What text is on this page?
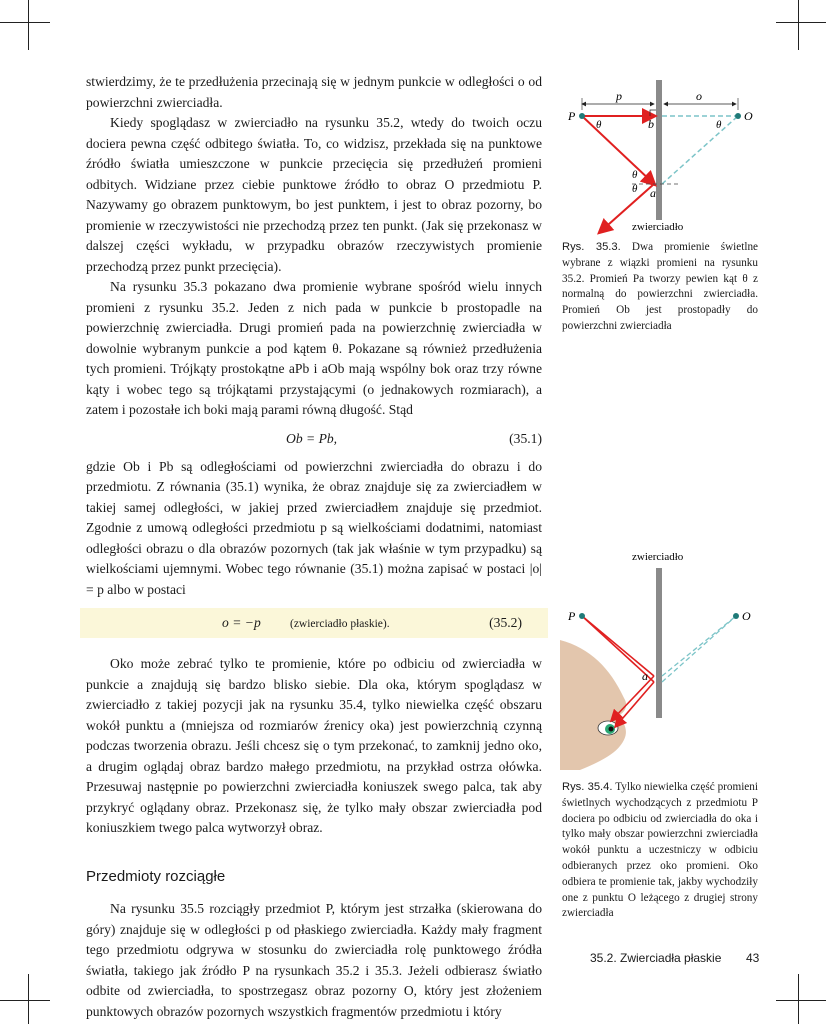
stwierdzimy, że te przedłużenia przecinają się w jednym punkcie w odległości o od powierzchni zwierciadła.

Kiedy spoglądasz w zwierciadło na rysunku 35.2, wtedy do twoich oczu dociera pewna część odbitego światła. To, co widzisz, przekłada się na punktowe źródło światła umieszczone w punkcie przecięcia się przedłużeń promieni odbitych. Widziane przez ciebie punktowe źródło to obraz O przedmiotu P. Nazywamy go obrazem punktowym, bo jest punktem, i jest to obraz pozorny, bo promienie w rzeczywistości nie przechodzą przez ten punkt. (Jak się przekonasz w dalszej części wykładu, w przypadku obrazów rzeczywistych promienie przechodzą przez punkt przecięcia).

Na rysunku 35.3 pokazano dwa promienie wybrane spośród wielu innych promieni z rysunku 35.2. Jeden z nich pada w punkcie b prostopadle na powierzchnię zwierciadła. Drugi promień pada na powierzchnię zwierciadła w dowolnie wybranym punkcie a pod kątem θ. Pokazane są również przedłużenia tych promieni. Trójkąty prostokątne aPb i aOb mają wspólny bok oraz trzy równe kąty i wobec tego są trójkątami przystającymi (o jednakowych rozmiarach), a zatem i pozostałe ich boki mają parami równą długość. Stąd

Ob = Pb,	(35.1)

gdzie Ob i Pb są odległościami od powierzchni zwierciadła do obrazu i do przedmiotu. Z równania (35.1) wynika, że obraz znajduje się za zwierciadłem w takiej samej odległości, w jakiej przed zwierciadłem znajduje się przedmiot. Zgodnie z umową odległości przedmiotu p są wielkościami dodatnimi, natomiast odległości obrazu o dla obrazów pozornych (tak jak właśnie w tym przypadku) są wielkościami ujemnymi. Wobec tego równanie (35.1) można zapisać w postaci |o| = p albo w postaci

o = −p	(zwierciadło płaskie).	(35.2)

Oko może zebrać tylko te promienie, które po odbiciu od zwierciadła w punkcie a znajdują się bardzo blisko siebie. Dla oka, którym spoglądasz w zwierciadło z takiej pozycji jak na rysunku 35.4, tylko niewielka część obszaru wokół punktu a (mniejsza od rozmiarów źrenicy oka) jest powierzchnią czynną podczas tworzenia obrazu. Jeśli chcesz się o tym przekonać, to zamknij jedno oko, a drugim oglądaj obraz bardzo małego przedmiotu, na przykład ostrza ołówka. Przesuwaj następnie po powierzchni zwierciadła koniuszek swego palca, tak aby przykryć oglądany obraz. Przekonasz się, że tylko mały obszar zwierciadła pod koniuszkiem twego palca wytworzył obraz.

Przedmioty rozciągłe

Na rysunku 35.5 rozciągły przedmiot P, którym jest strzałka (skierowana do góry) znajduje się w odległości p od płaskiego zwierciadła. Każdy mały fragment tego przedmiotu odgrywa w stosunku do zwierciadła rolę punktowego źródła światła, takiego jak źródło P na rysunkach 35.2 i 35.3. Jeżeli odbierasz światło odbite od zwierciadła, to spostrzegasz obraz pozorny O, który jest złożeniem punktowych obrazów pozornych wszystkich fragmentów przedmiotu i który

p	o
P	O
b
a
θ	θ
θ
θ
zwierciadło
Rys. 35.3. Dwa promienie świetlne wybrane z wiązki promieni na rysunku 35.2. Promień Pa tworzy pewien kąt θ z normalną do powierzchni zwierciadła. Promień Ob jest prostopadły do powierzchni zwierciadła
zwierciadło
P	O
a
Rys. 35.4. Tylko niewielka część promieni świetlnych wychodzących z przedmiotu P dociera po odbiciu od zwierciadła do oka i tylko mały obszar powierzchni zwierciadła wokół punktu a uczestniczy w odbiciu odbieranych przez oko promieni. Oko odbiera te promienie tak, jakby wychodziły one z punktu O leżącego z drugiej strony zwierciadła
35.2. Zwierciadła płaskie 43
